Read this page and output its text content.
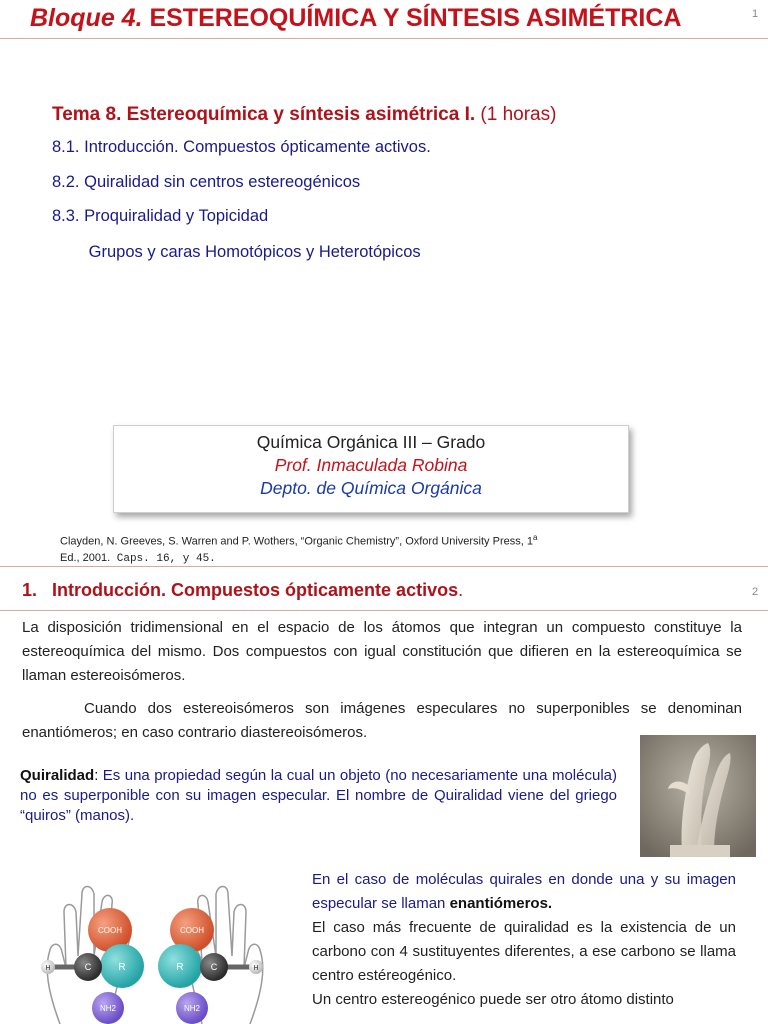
Bloque 4. ESTEREOQUÍMICA Y SÍNTESIS ASIMÉTRICA	1
Tema 8. Estereoquímica y síntesis asimétrica I. (1 horas)
8.1. Introducción. Compuestos ópticamente activos.
8.2. Quiralidad sin centros estereogénicos
8.3. Proquiralidad y Topicidad
Grupos y caras Homotópicos y Heterotópicos
Química Orgánica III – Grado
Prof. Inmaculada Robina
Depto. de Química Orgánica
Clayden, N. Greeves, S. Warren and P. Wothers, “Organic Chemistry”, Oxford University Press, 1$^a$
Ed., 2001. Caps. 16, y 45.
1. Introducción. Compuestos ópticamente activos.	2
La disposición tridimensional en el espacio de los átomos que integran un compuesto constituye la estereoquímica del mismo. Dos compuestos con igual constitución que difieren en la estereoquímica se llaman estereoisómeros.
Cuando dos estereoisómeros son imágenes especulares no superponibles se denominan enantiómeros; en caso contrario diastereoisómeros.
Quiralidad: Es una propiedad según la cual un objeto (no necesariamente una molécula) no es superponible con su imagen especular. El nombre de Quiralidad viene del griego “quiros” (manos).
COOH
R
C
H
NH2
COOH
R	C	H
NH2
En el caso de moléculas quirales en donde una y su imagen especular se llaman enantiómeros.
El caso más frecuente de quiralidad es la existencia de un carbono con 4 sustituyentes diferentes, a ese carbono se llama centro estéreogénico.
Un centro estereogénico puede ser otro átomo distinto
